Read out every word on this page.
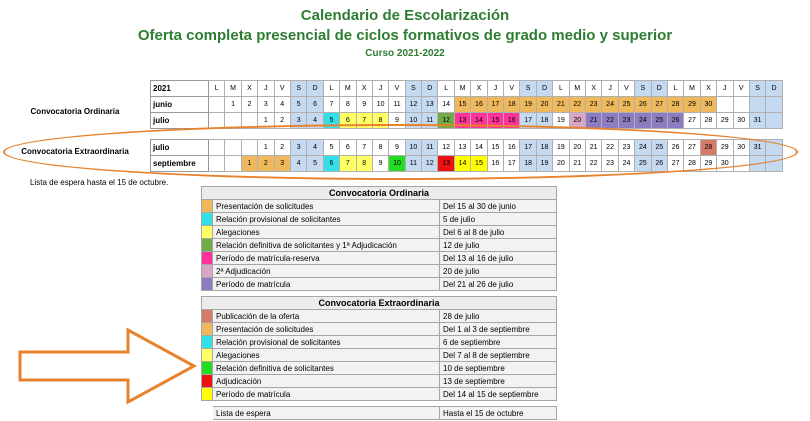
Calendario de Escolarización
Oferta completa presencial de ciclos formativos de grado medio y superior
Curso 2021-2022
Convocatoria Ordinaria
Convocatoria Extraordinaria
2021	L	M	X	J	V	S	D	L	M	X	J	V	S	D	L	M	X	J	V	S	D	L	M	X	J	V	S	D	L	M	X	J	V	S	D
junio		1	2	3	4	5	6	7	8	9	10	11	12	13	14	15	16	17	18	19	20	21	22	23	24	25	26	27	28	29	30				
julio				1	2	3	4	5	6	7	8	9	10	11	12	13	14	15	16	17	18	19	20	21	22	23	24	25	26	27	28	29	30	31	

julio				1	2	3	4	5	6	7	8	9	10	11	12	13	14	15	16	17	18	19	20	21	22	23	24	25	26	27	28	29	30	31	
septiembre			1	2	3	4	5	6	7	8	9	10	11	12	13	14	15	16	17	18	19	20	21	22	23	24	25	26	27	28	29	30			
Lista de espera hasta el 15 de octubre.
Convocatoria Ordinaria		
	Presentación de solicitudes	Del 15 al 30 de junio
	Relación provisional de solicitantes	5 de julio
	Alegaciones	Del 6 al 8 de julio
	Relación definitiva de solicitantes y 1ª Adjudicación	12 de julio
	Período de matrícula-reserva	Del 13 al 16 de julio
	2ª Adjudicación	20 de julio
	Período de matrícula	Del 21 al 26 de julio
Convocatoria Extraordinaria		
	Publicación de la oferta	28 de julio
	Presentación de solicitudes	Del 1 al 3 de septiembre
	Relación provisional de solicitantes	6 de septiembre
	Alegaciones	Del 7 al 8 de septiembre
	Relación definitiva de solicitantes	10 de septiembre
	Adjudicación	13 de septiembre
	Período de matrícula	Del 14 al 15 de septiembre
	Lista de espera	Hasta el 15 de octubre
